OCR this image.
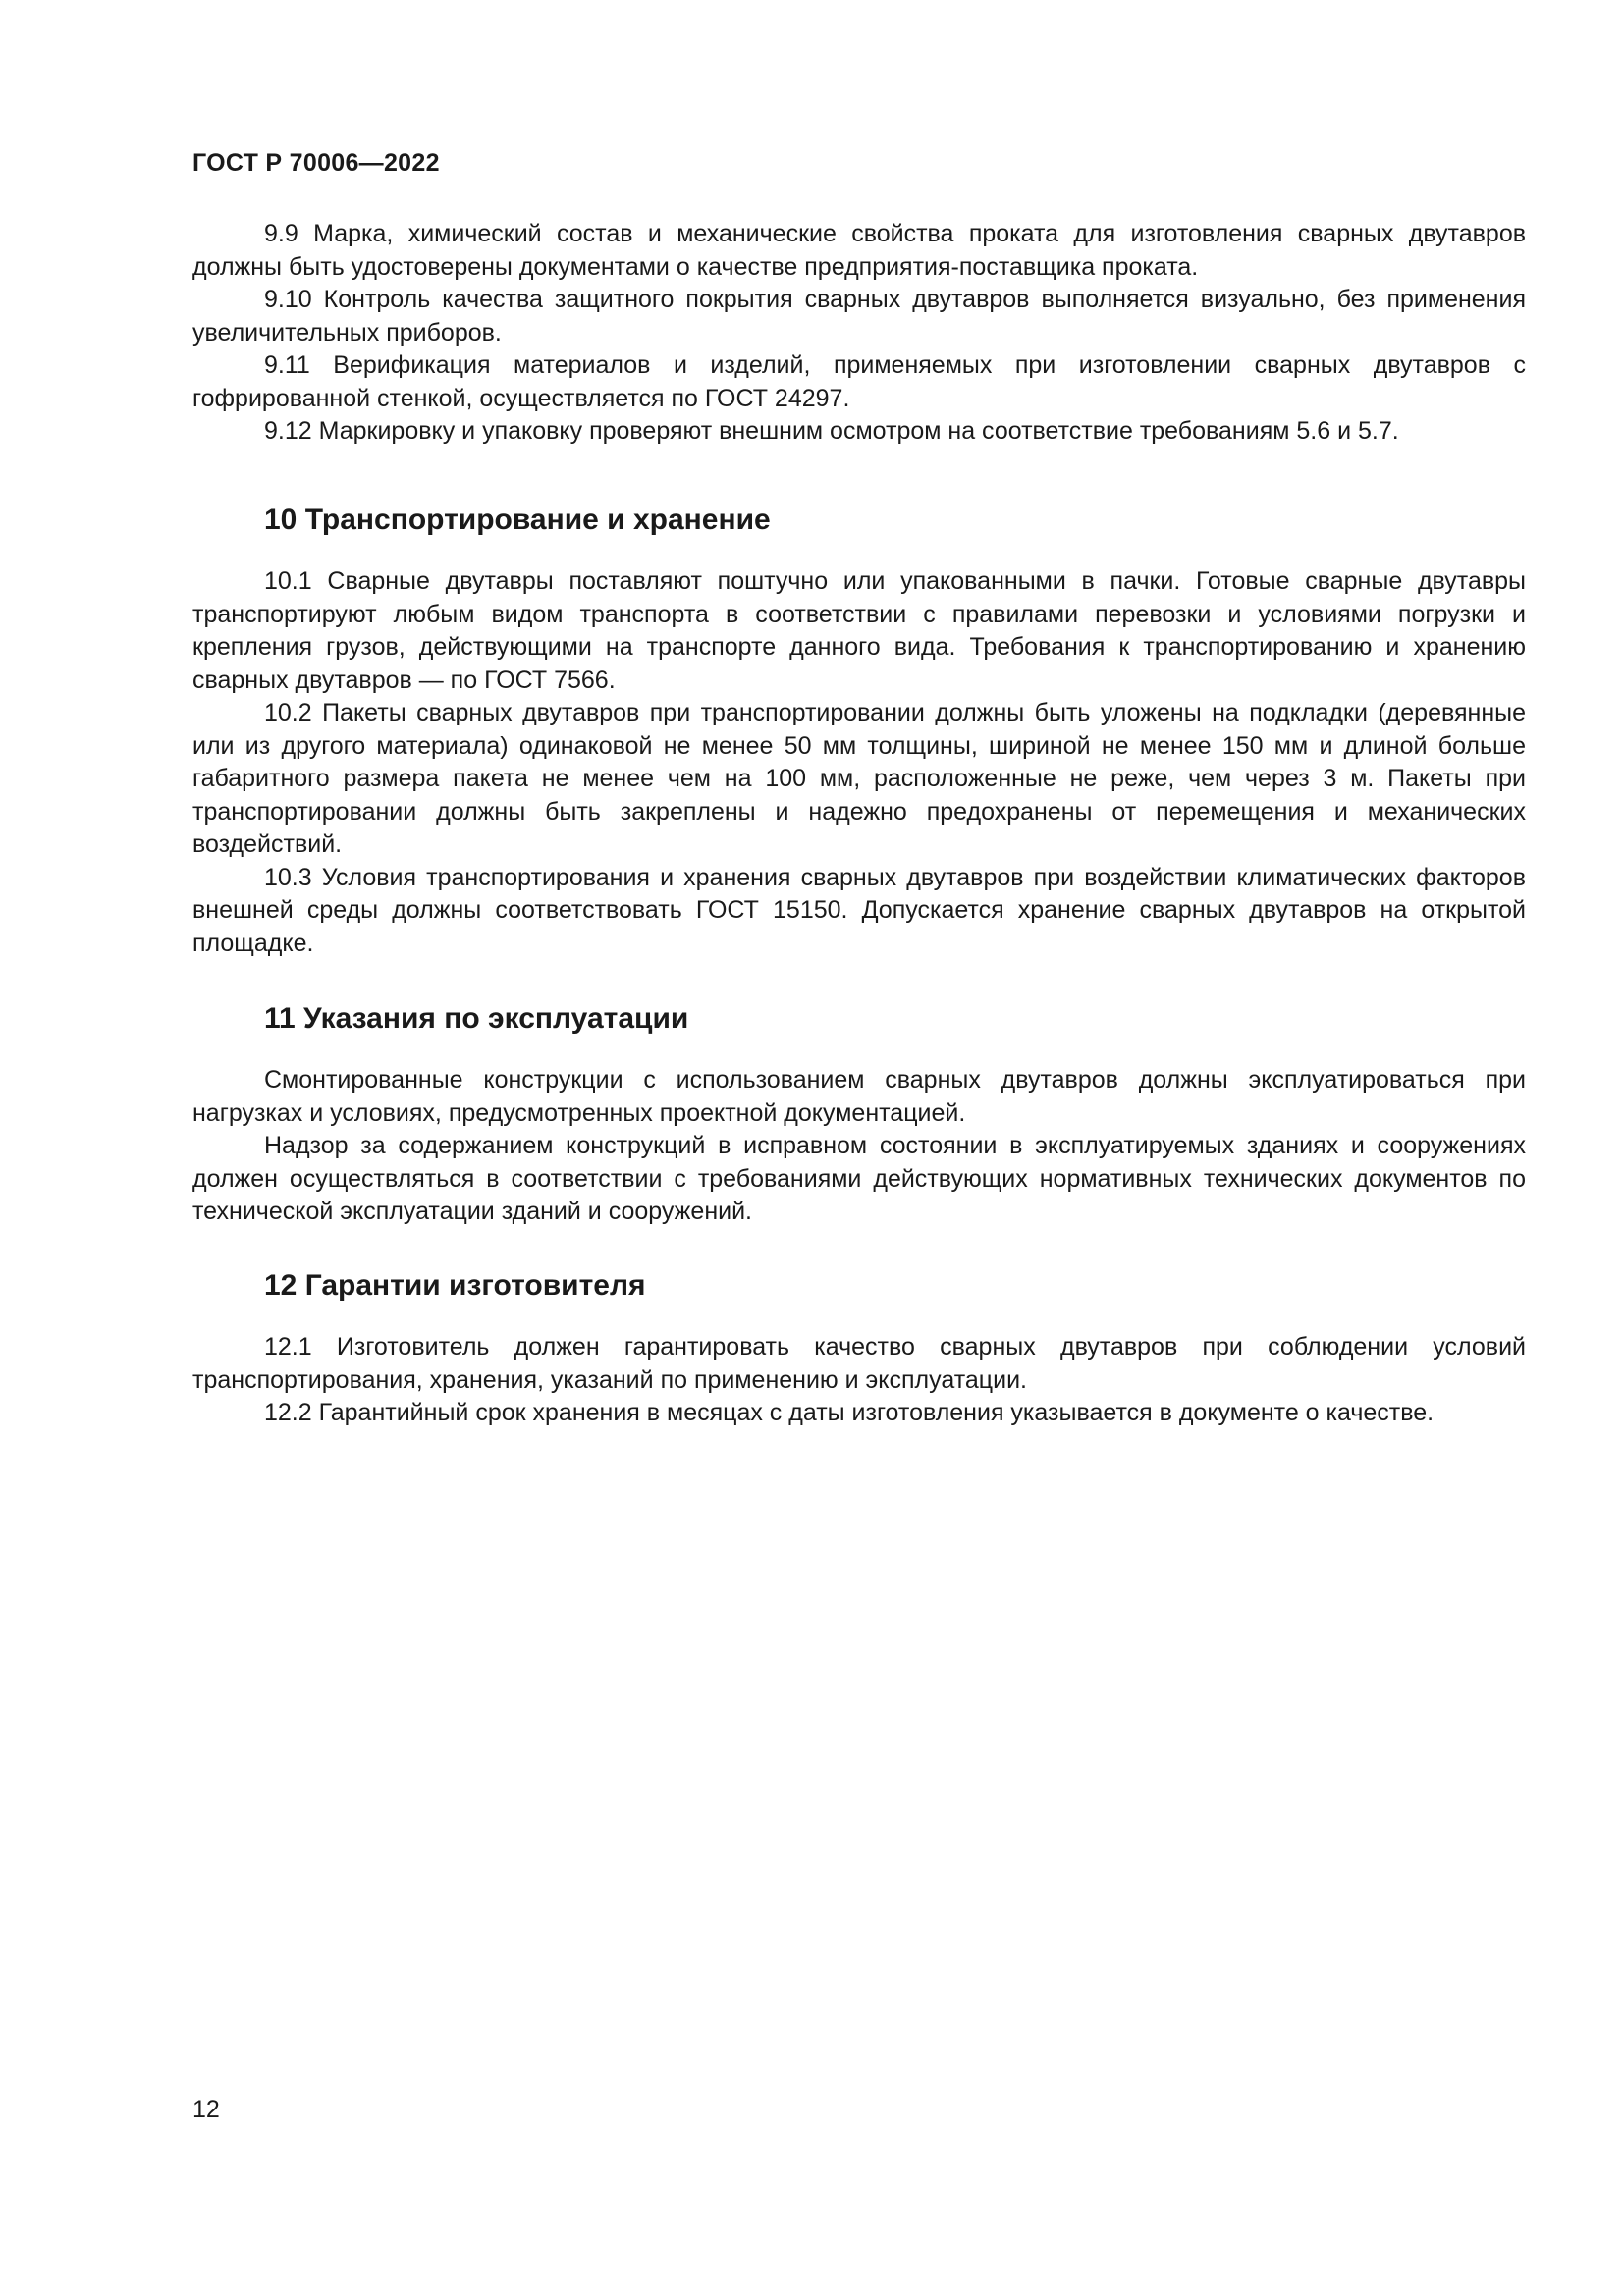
ГОСТ Р 70006—2022

9.9 Марка, химический состав и механические свойства проката для изготовления сварных двутавров должны быть удостоверены документами о качестве предприятия-поставщика проката.

9.10 Контроль качества защитного покрытия сварных двутавров выполняется визуально, без применения увеличительных приборов.

9.11 Верификация материалов и изделий, применяемых при изготовлении сварных двутавров с гофрированной стенкой, осуществляется по ГОСТ 24297.

9.12 Маркировку и упаковку проверяют внешним осмотром на соответствие требованиям 5.6 и 5.7.

10 Транспортирование и хранение

10.1 Сварные двутавры поставляют поштучно или упакованными в пачки. Готовые сварные двутавры транспортируют любым видом транспорта в соответствии с правилами перевозки и условиями погрузки и крепления грузов, действующими на транспорте данного вида. Требования к транспортированию и хранению сварных двутавров — по ГОСТ 7566.

10.2 Пакеты сварных двутавров при транспортировании должны быть уложены на подкладки (деревянные или из другого материала) одинаковой не менее 50 мм толщины, шириной не менее 150 мм и длиной больше габаритного размера пакета не менее чем на 100 мм, расположенные не реже, чем через 3 м. Пакеты при транспортировании должны быть закреплены и надежно предохранены от перемещения и механических воздействий.

10.3 Условия транспортирования и хранения сварных двутавров при воздействии климатических факторов внешней среды должны соответствовать ГОСТ 15150. Допускается хранение сварных двутавров на открытой площадке.

11 Указания по эксплуатации

Смонтированные конструкции с использованием сварных двутавров должны эксплуатироваться при нагрузках и условиях, предусмотренных проектной документацией.

Надзор за содержанием конструкций в исправном состоянии в эксплуатируемых зданиях и сооружениях должен осуществляться в соответствии с требованиями действующих нормативных технических документов по технической эксплуатации зданий и сооружений.

12 Гарантии изготовителя

12.1 Изготовитель должен гарантировать качество сварных двутавров при соблюдении условий транспортирования, хранения, указаний по применению и эксплуатации.

12.2 Гарантийный срок хранения в месяцах с даты изготовления указывается в документе о качестве.

12
